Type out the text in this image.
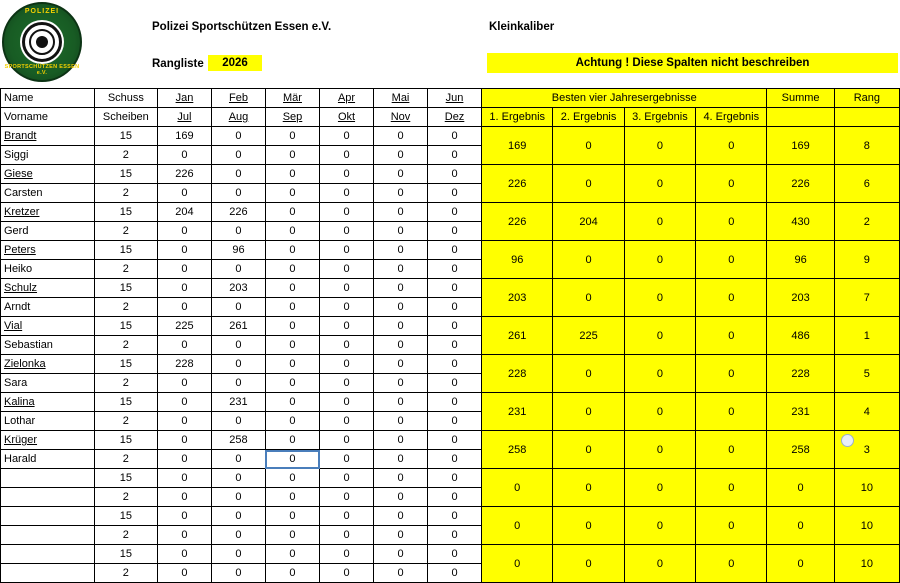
POLIZEI
SPORTSCHÜTZEN ESSEN e.V.
Polizei Sportschützen Essen e.V.	Kleinkaliber
Rangliste	2026	Achtung ! Diese Spalten nicht beschreiben
Name	Schuss	Jan	Feb	Mär	Apr	Mai	Jun	Besten vier Jahresergebnisse				Summe	Rang
Vorname	Scheiben	Jul	Aug	Sep	Okt	Nov	Dez	1. Ergebnis	2. Ergebnis	3. Ergebnis	4. Ergebnis		
Brandt	15	169	0	0	0	0	0	169	0	0	0	169	8
Siggi	2	0	0	0	0	0	0						
Giese	15	226	0	0	0	0	0	226	0	0	0	226	6
Carsten	2	0	0	0	0	0	0						
Kretzer	15	204	226	0	0	0	0	226	204	0	0	430	2
Gerd	2	0	0	0	0	0	0						
Peters	15	0	96	0	0	0	0	96	0	0	0	96	9
Heiko	2	0	0	0	0	0	0						
Schulz	15	0	203	0	0	0	0	203	0	0	0	203	7
Arndt	2	0	0	0	0	0	0						
Vial	15	225	261	0	0	0	0	261	225	0	0	486	1
Sebastian	2	0	0	0	0	0	0						
Zielonka	15	228	0	0	0	0	0	228	0	0	0	228	5
Sara	2	0	0	0	0	0	0						
Kalina	15	0	231	0	0	0	0	231	0	0	0	231	4
Lothar	2	0	0	0	0	0	0						
Krüger	15	0	258	0	0	0	0	258	0	0	0	258	3
Harald	2	0	0	0	0	0	0						
	15	0	0	0	0	0	0	0	0	0	0	0	10
	2	0	0	0	0	0	0						
	15	0	0	0	0	0	0	0	0	0	0	0	10
	2	0	0	0	0	0	0						
	15	0	0	0	0	0	0	0	0	0	0	0	10
	2	0	0	0	0	0	0						
